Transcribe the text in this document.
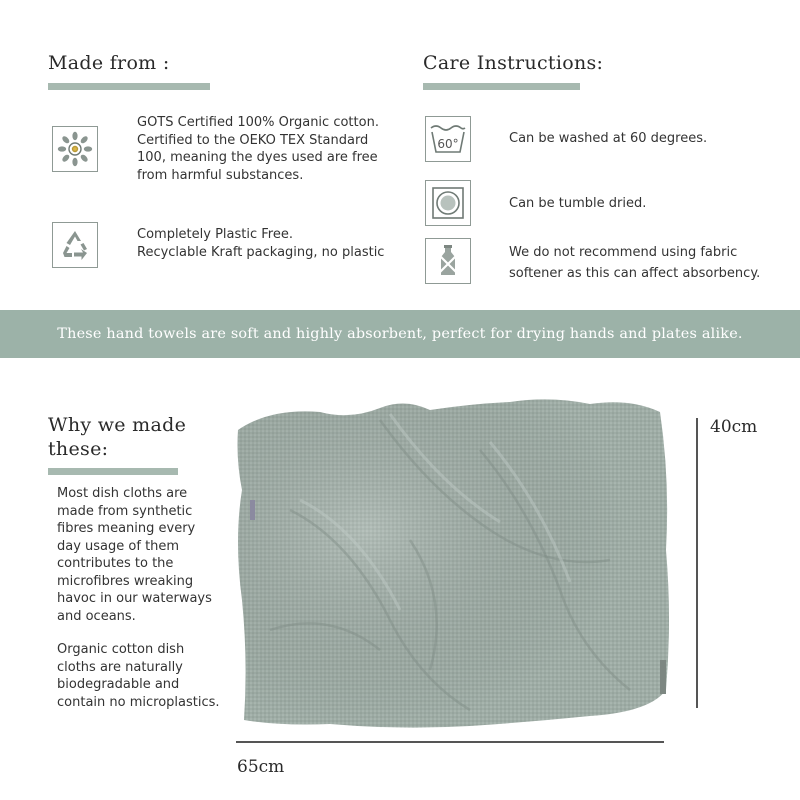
Made from :

GOTS Certified 100% Organic cotton.
Certified to the OEKO TEX Standard
100, meaning the dyes used are free
from harmful substances.

Completely Plastic Free.
Recyclable Kraft packaging, no plastic

Care Instructions:
60°	Can be washed at 60 degrees.

Can be tumble dried.

We do not recommend using fabric
softener as this can affect absorbency.

These hand towels are soft and highly absorbent, perfect for drying hands and plates alike.
Why we made
these:

Most dish cloths are made from synthetic fibres meaning every day usage of them contributes to the microfibres wreaking havoc in our waterways and oceans.

Organic cotton dish cloths are naturally biodegradable and contain no microplastics.

40cm
65cm
